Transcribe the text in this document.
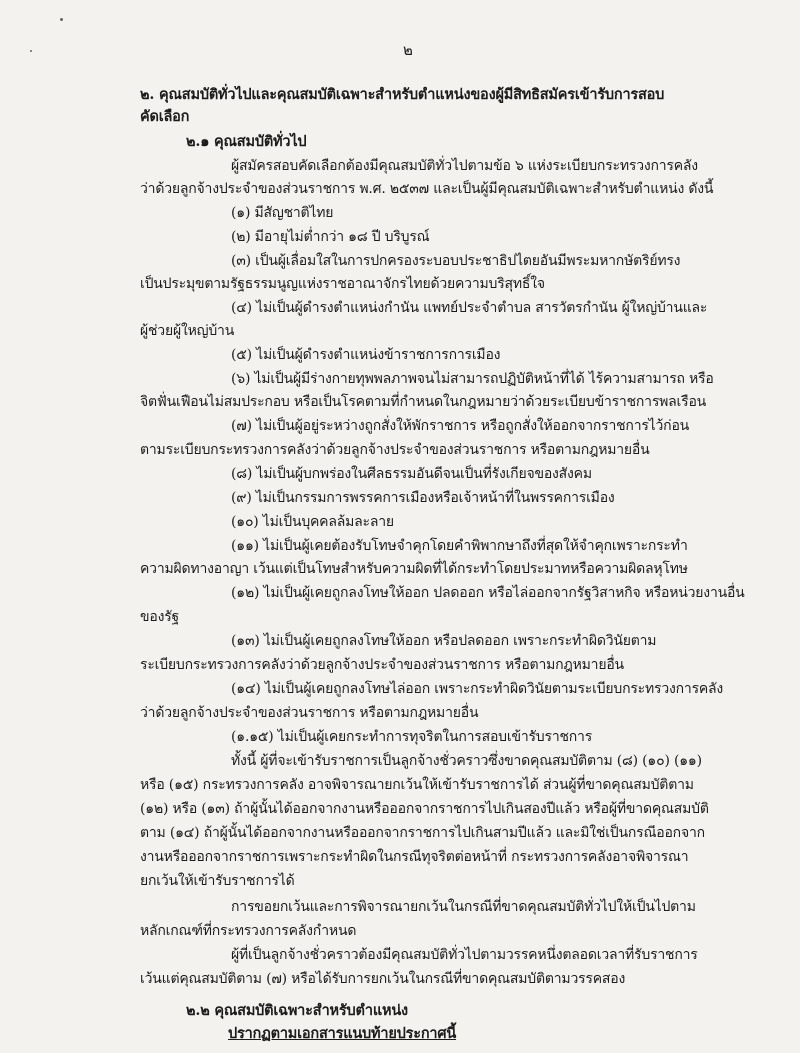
๒
๒. คุณสมบัติทั่วไปและคุณสมบัติเฉพาะสำหรับตำแหน่งของผู้มีสิทธิสมัครเข้ารับการสอบ
คัดเลือก
๒.๑ คุณสมบัติทั่วไป
ผู้สมัครสอบคัดเลือกต้องมีคุณสมบัติทั่วไปตามข้อ ๖ แห่งระเบียบกระทรวงการคลัง
ว่าด้วยลูกจ้างประจำของส่วนราชการ พ.ศ. ๒๕๓๗ และเป็นผู้มีคุณสมบัติเฉพาะสำหรับตำแหน่ง ดังนี้
(๑) มีสัญชาติไทย
(๒) มีอายุไม่ต่ำกว่า ๑๘ ปี บริบูรณ์
(๓) เป็นผู้เลื่อมใสในการปกครองระบอบประชาธิปไตยอันมีพระมหากษัตริย์ทรง
เป็นประมุขตามรัฐธรรมนูญแห่งราชอาณาจักรไทยด้วยความบริสุทธิ์ใจ
(๔) ไม่เป็นผู้ดำรงตำแหน่งกำนัน แพทย์ประจำตำบล สารวัตรกำนัน ผู้ใหญ่บ้านและ
ผู้ช่วยผู้ใหญ่บ้าน
(๕) ไม่เป็นผู้ดำรงตำแหน่งข้าราชการการเมือง
(๖) ไม่เป็นผู้มีร่างกายทุพพลภาพจนไม่สามารถปฏิบัติหน้าที่ได้ ไร้ความสามารถ หรือ
จิตฟั่นเฟือนไม่สมประกอบ หรือเป็นโรคตามที่กำหนดในกฎหมายว่าด้วยระเบียบข้าราชการพลเรือน
(๗) ไม่เป็นผู้อยู่ระหว่างถูกสั่งให้พักราชการ หรือถูกสั่งให้ออกจากราชการไว้ก่อน
ตามระเบียบกระทรวงการคลังว่าด้วยลูกจ้างประจำของส่วนราชการ หรือตามกฎหมายอื่น
(๘) ไม่เป็นผู้บกพร่องในศีลธรรมอันดีจนเป็นที่รังเกียจของสังคม
(๙) ไม่เป็นกรรมการพรรคการเมืองหรือเจ้าหน้าที่ในพรรคการเมือง
(๑๐) ไม่เป็นบุคคลล้มละลาย
(๑๑) ไม่เป็นผู้เคยต้องรับโทษจำคุกโดยคำพิพากษาถึงที่สุดให้จำคุกเพราะกระทำ
ความผิดทางอาญา เว้นแต่เป็นโทษสำหรับความผิดที่ได้กระทำโดยประมาทหรือความผิดลหุโทษ
(๑๒) ไม่เป็นผู้เคยถูกลงโทษให้ออก ปลดออก หรือไล่ออกจากรัฐวิสาหกิจ หรือหน่วยงานอื่น
ของรัฐ
(๑๓) ไม่เป็นผู้เคยถูกลงโทษให้ออก หรือปลดออก เพราะกระทำผิดวินัยตาม
ระเบียบกระทรวงการคลังว่าด้วยลูกจ้างประจำของส่วนราชการ หรือตามกฎหมายอื่น
(๑๔) ไม่เป็นผู้เคยถูกลงโทษไล่ออก เพราะกระทำผิดวินัยตามระเบียบกระทรวงการคลัง
ว่าด้วยลูกจ้างประจำของส่วนราชการ หรือตามกฎหมายอื่น
(๑.๑๕) ไม่เป็นผู้เคยกระทำการทุจริตในการสอบเข้ารับราชการ
ทั้งนี้ ผู้ที่จะเข้ารับราชการเป็นลูกจ้างชั่วคราวซึ่งขาดคุณสมบัติตาม (๘) (๑๐) (๑๑)
หรือ (๑๕) กระทรวงการคลัง อาจพิจารณายกเว้นให้เข้ารับราชการได้ ส่วนผู้ที่ขาดคุณสมบัติตาม
(๑๒) หรือ (๑๓) ถ้าผู้นั้นได้ออกจากงานหรือออกจากราชการไปเกินสองปีแล้ว หรือผู้ที่ขาดคุณสมบัติ
ตาม (๑๔) ถ้าผู้นั้นได้ออกจากงานหรือออกจากราชการไปเกินสามปีแล้ว และมิใช่เป็นกรณีออกจาก
งานหรือออกจากราชการเพราะกระทำผิดในกรณีทุจริตต่อหน้าที่ กระทรวงการคลังอาจพิจารณา
ยกเว้นให้เข้ารับราชการได้
การขอยกเว้นและการพิจารณายกเว้นในกรณีที่ขาดคุณสมบัติทั่วไปให้เป็นไปตาม
หลักเกณฑ์ที่กระทรวงการคลังกำหนด
ผู้ที่เป็นลูกจ้างชั่วคราวต้องมีคุณสมบัติทั่วไปตามวรรคหนึ่งตลอดเวลาที่รับราชการ
เว้นแต่คุณสมบัติตาม (๗) หรือได้รับการยกเว้นในกรณีที่ขาดคุณสมบัติตามวรรคสอง
๒.๒ คุณสมบัติเฉพาะสำหรับตำแหน่ง
ปรากฏตามเอกสารแนบท้ายประกาศนี้
